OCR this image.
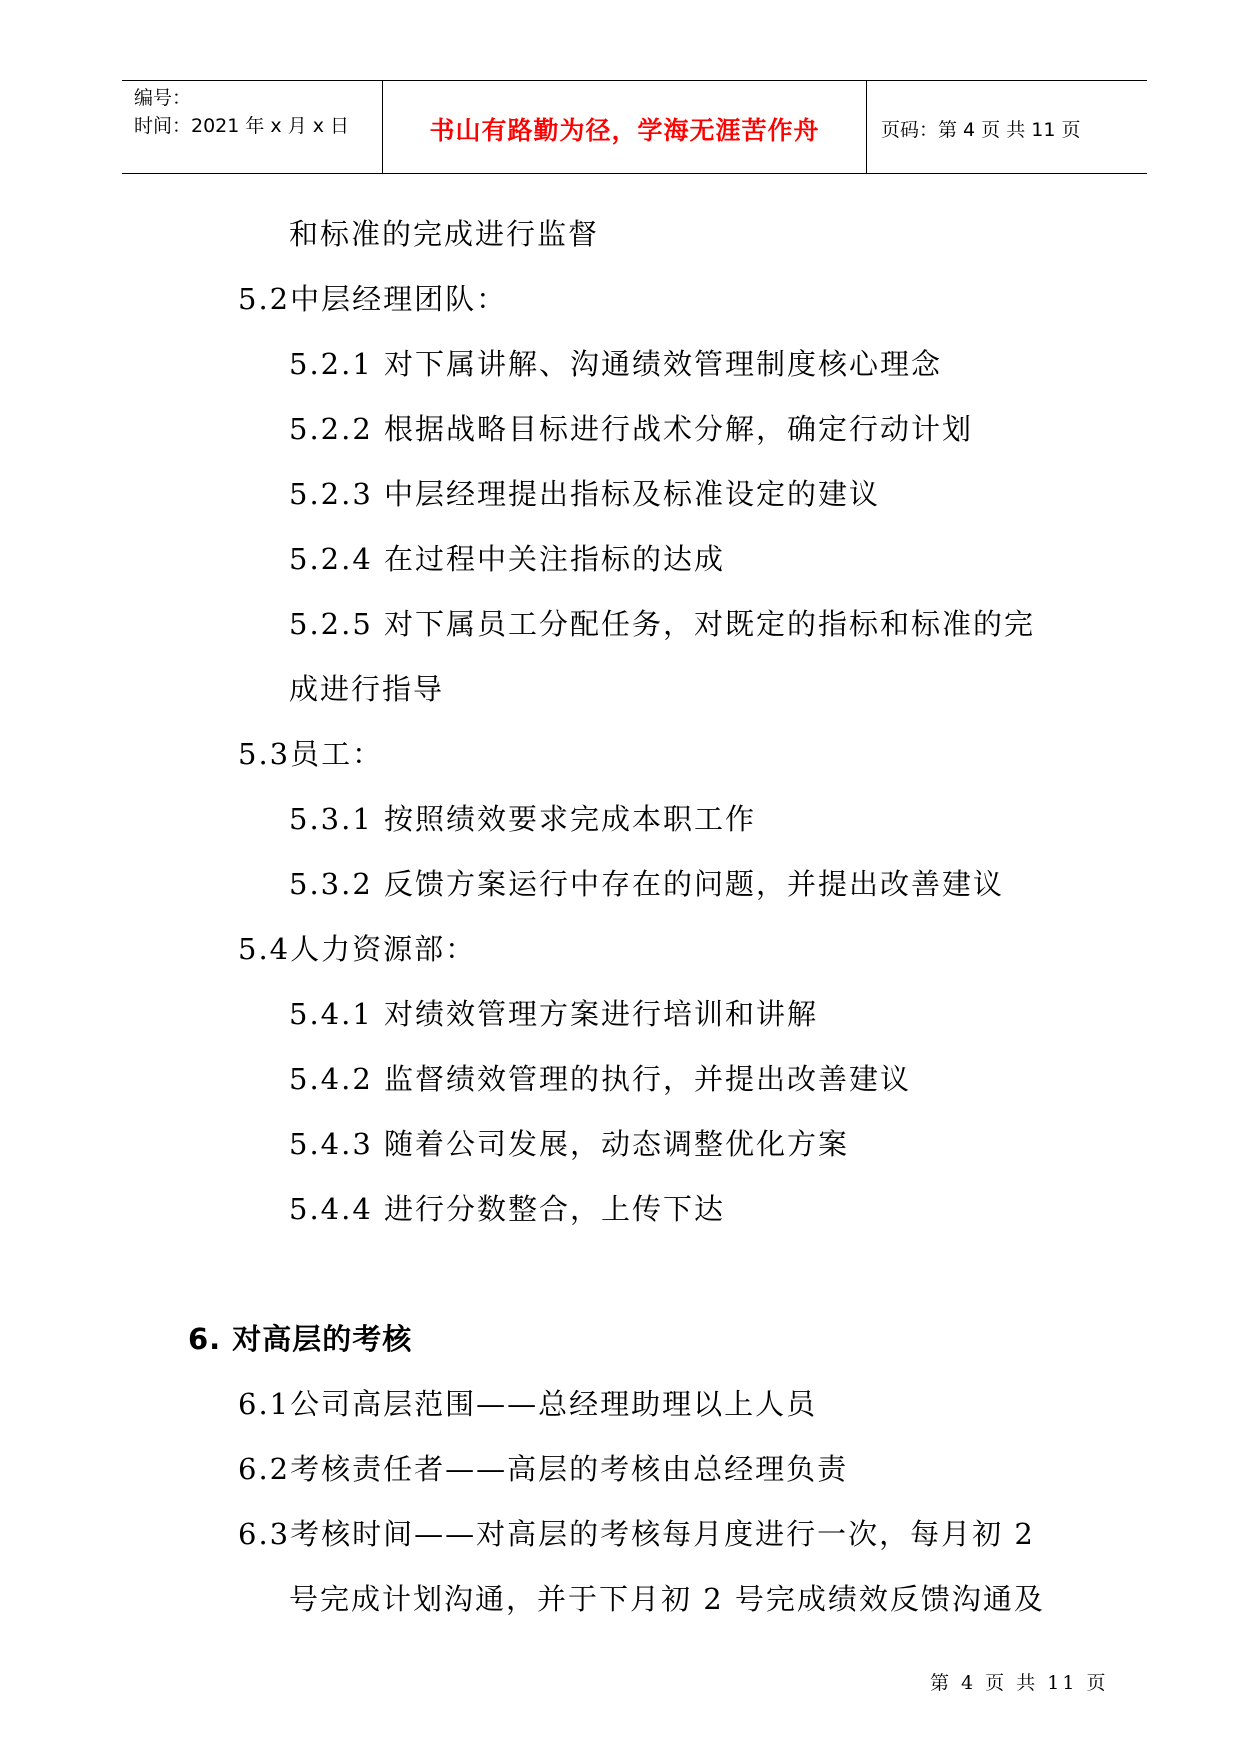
编号：
时间：2021 年 x 月 x 日	书山有路勤为径，学海无涯苦作舟	页码：第 4 页 共 11 页
和标准的完成进行监督
5.2中层经理团队：
5.2.1 对下属讲解、沟通绩效管理制度核心理念
5.2.2 根据战略目标进行战术分解，确定行动计划
5.2.3 中层经理提出指标及标准设定的建议
5.2.4 在过程中关注指标的达成
5.2.5 对下属员工分配任务，对既定的指标和标准的完
成进行指导
5.3员工：
5.3.1 按照绩效要求完成本职工作
5.3.2 反馈方案运行中存在的问题，并提出改善建议
5.4人力资源部：
5.4.1 对绩效管理方案进行培训和讲解
5.4.2 监督绩效管理的执行，并提出改善建议
5.4.3 随着公司发展，动态调整优化方案
5.4.4 进行分数整合，上传下达
6. 对高层的考核
6.1公司高层范围——总经理助理以上人员
6.2考核责任者——高层的考核由总经理负责
6.3考核时间——对高层的考核每月度进行一次，每月初 2
号完成计划沟通，并于下月初 2 号完成绩效反馈沟通及
第 4 页 共 11 页
